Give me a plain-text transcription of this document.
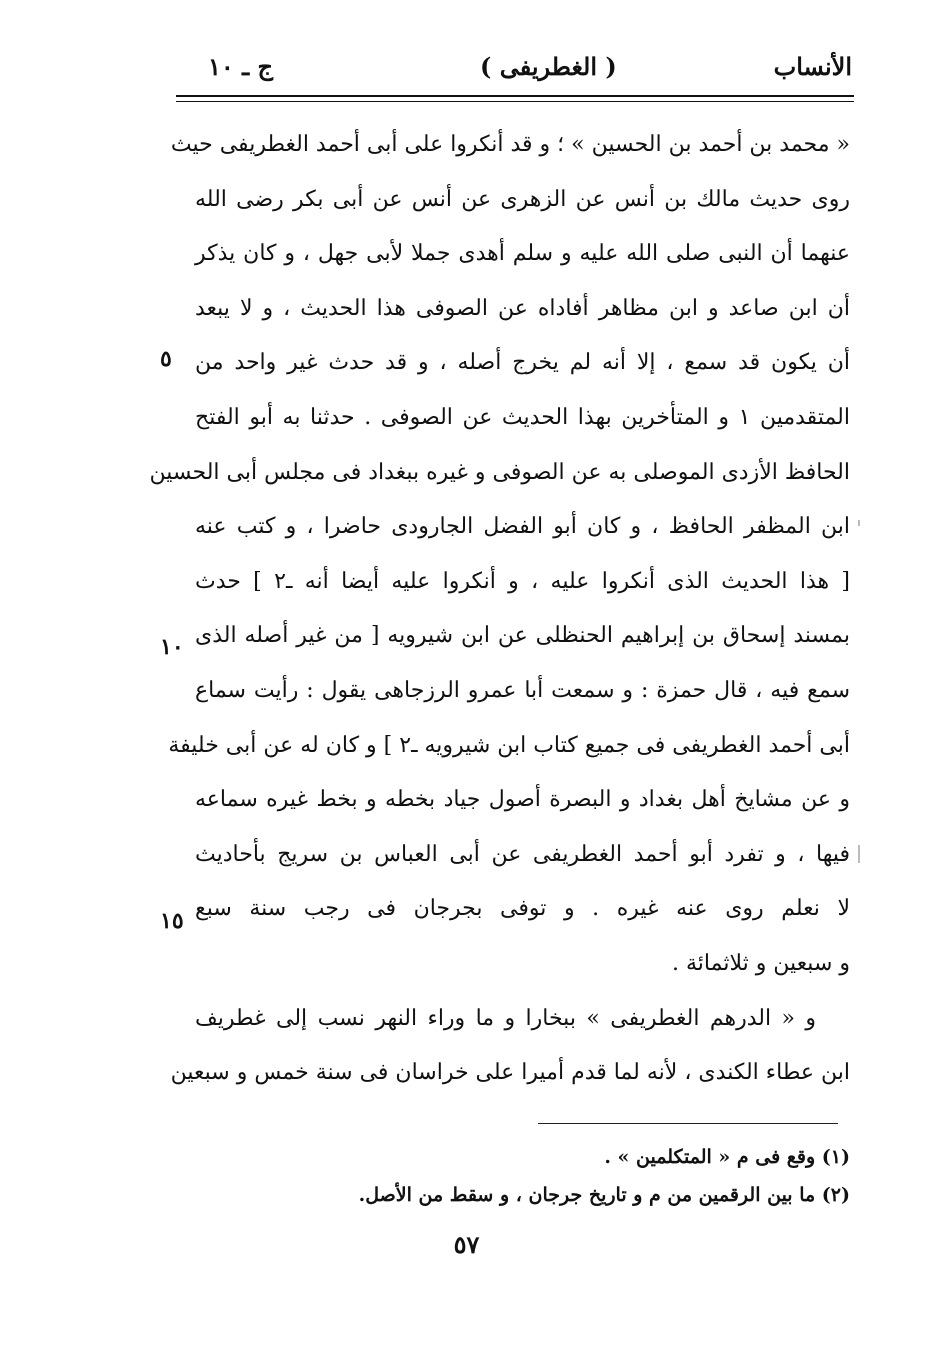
الأنساب
( الغطريفى )
ج ـ ١٠
« محمد بن أحمد بن الحسين » ؛ و قد أنكروا على أبى أحمد الغطريفى حيث
روى حديث مالك بن أنس عن الزهرى عن أنس عن أبى بكر رضى الله
عنهما أن النبى صلى الله عليه و سلم أهدى جملا لأبى جهل ، و كان يذكر
أن ابن صاعد و ابن مظاهر أفاداه عن الصوفى هذا الحديث ، و لا يبعد
أن يكون قد سمع ، إلا أنه لم يخرج أصله ، و قد حدث غير واحد من
المتقدمين ١ و المتأخرين بهذا الحديث عن الصوفى . حدثنا به أبو الفتح
الحافظ الأزدى الموصلى به عن الصوفى و غيره ببغداد فى مجلس أبى الحسين
ابن المظفر الحافظ ، و كان أبو الفضل الجارودى حاضرا ، و كتب عنه
[ هذا الحديث الذى أنكروا عليه ، و أنكروا عليه أيضا أنه ـ٢ ] حدث
بمسند إسحاق بن إبراهيم الحنظلى عن ابن شيرويه [ من غير أصله الذى
سمع فيه ، قال حمزة : و سمعت أبا عمرو الرزجاهى يقول : رأيت سماع
أبى أحمد الغطريفى فى جميع كتاب ابن شيرويه ـ٢ ] و كان له عن أبى خليفة
و عن مشايخ أهل بغداد و البصرة أصول جياد بخطه و بخط غيره سماعه
فيها ، و تفرد أبو أحمد الغطريفى عن أبى العباس بن سريج بأحاديث
لا نعلم روى عنه غيره . و توفى بجرجان فى رجب سنة سبع
و سبعين و ثلاثمائة .
و « الدرهم الغطريفى » ببخارا و ما وراء النهر نسب إلى غطريف
ابن عطاء الكندى ، لأنه لما قدم أميرا على خراسان فى سنة خمس و سبعين
٥
١٠
١٥
(١) وقع فى م « المتكلمين » .
(٢) ما بين الرقمين من م و تاريخ جرجان ، و سقط من الأصل.
٥٧
